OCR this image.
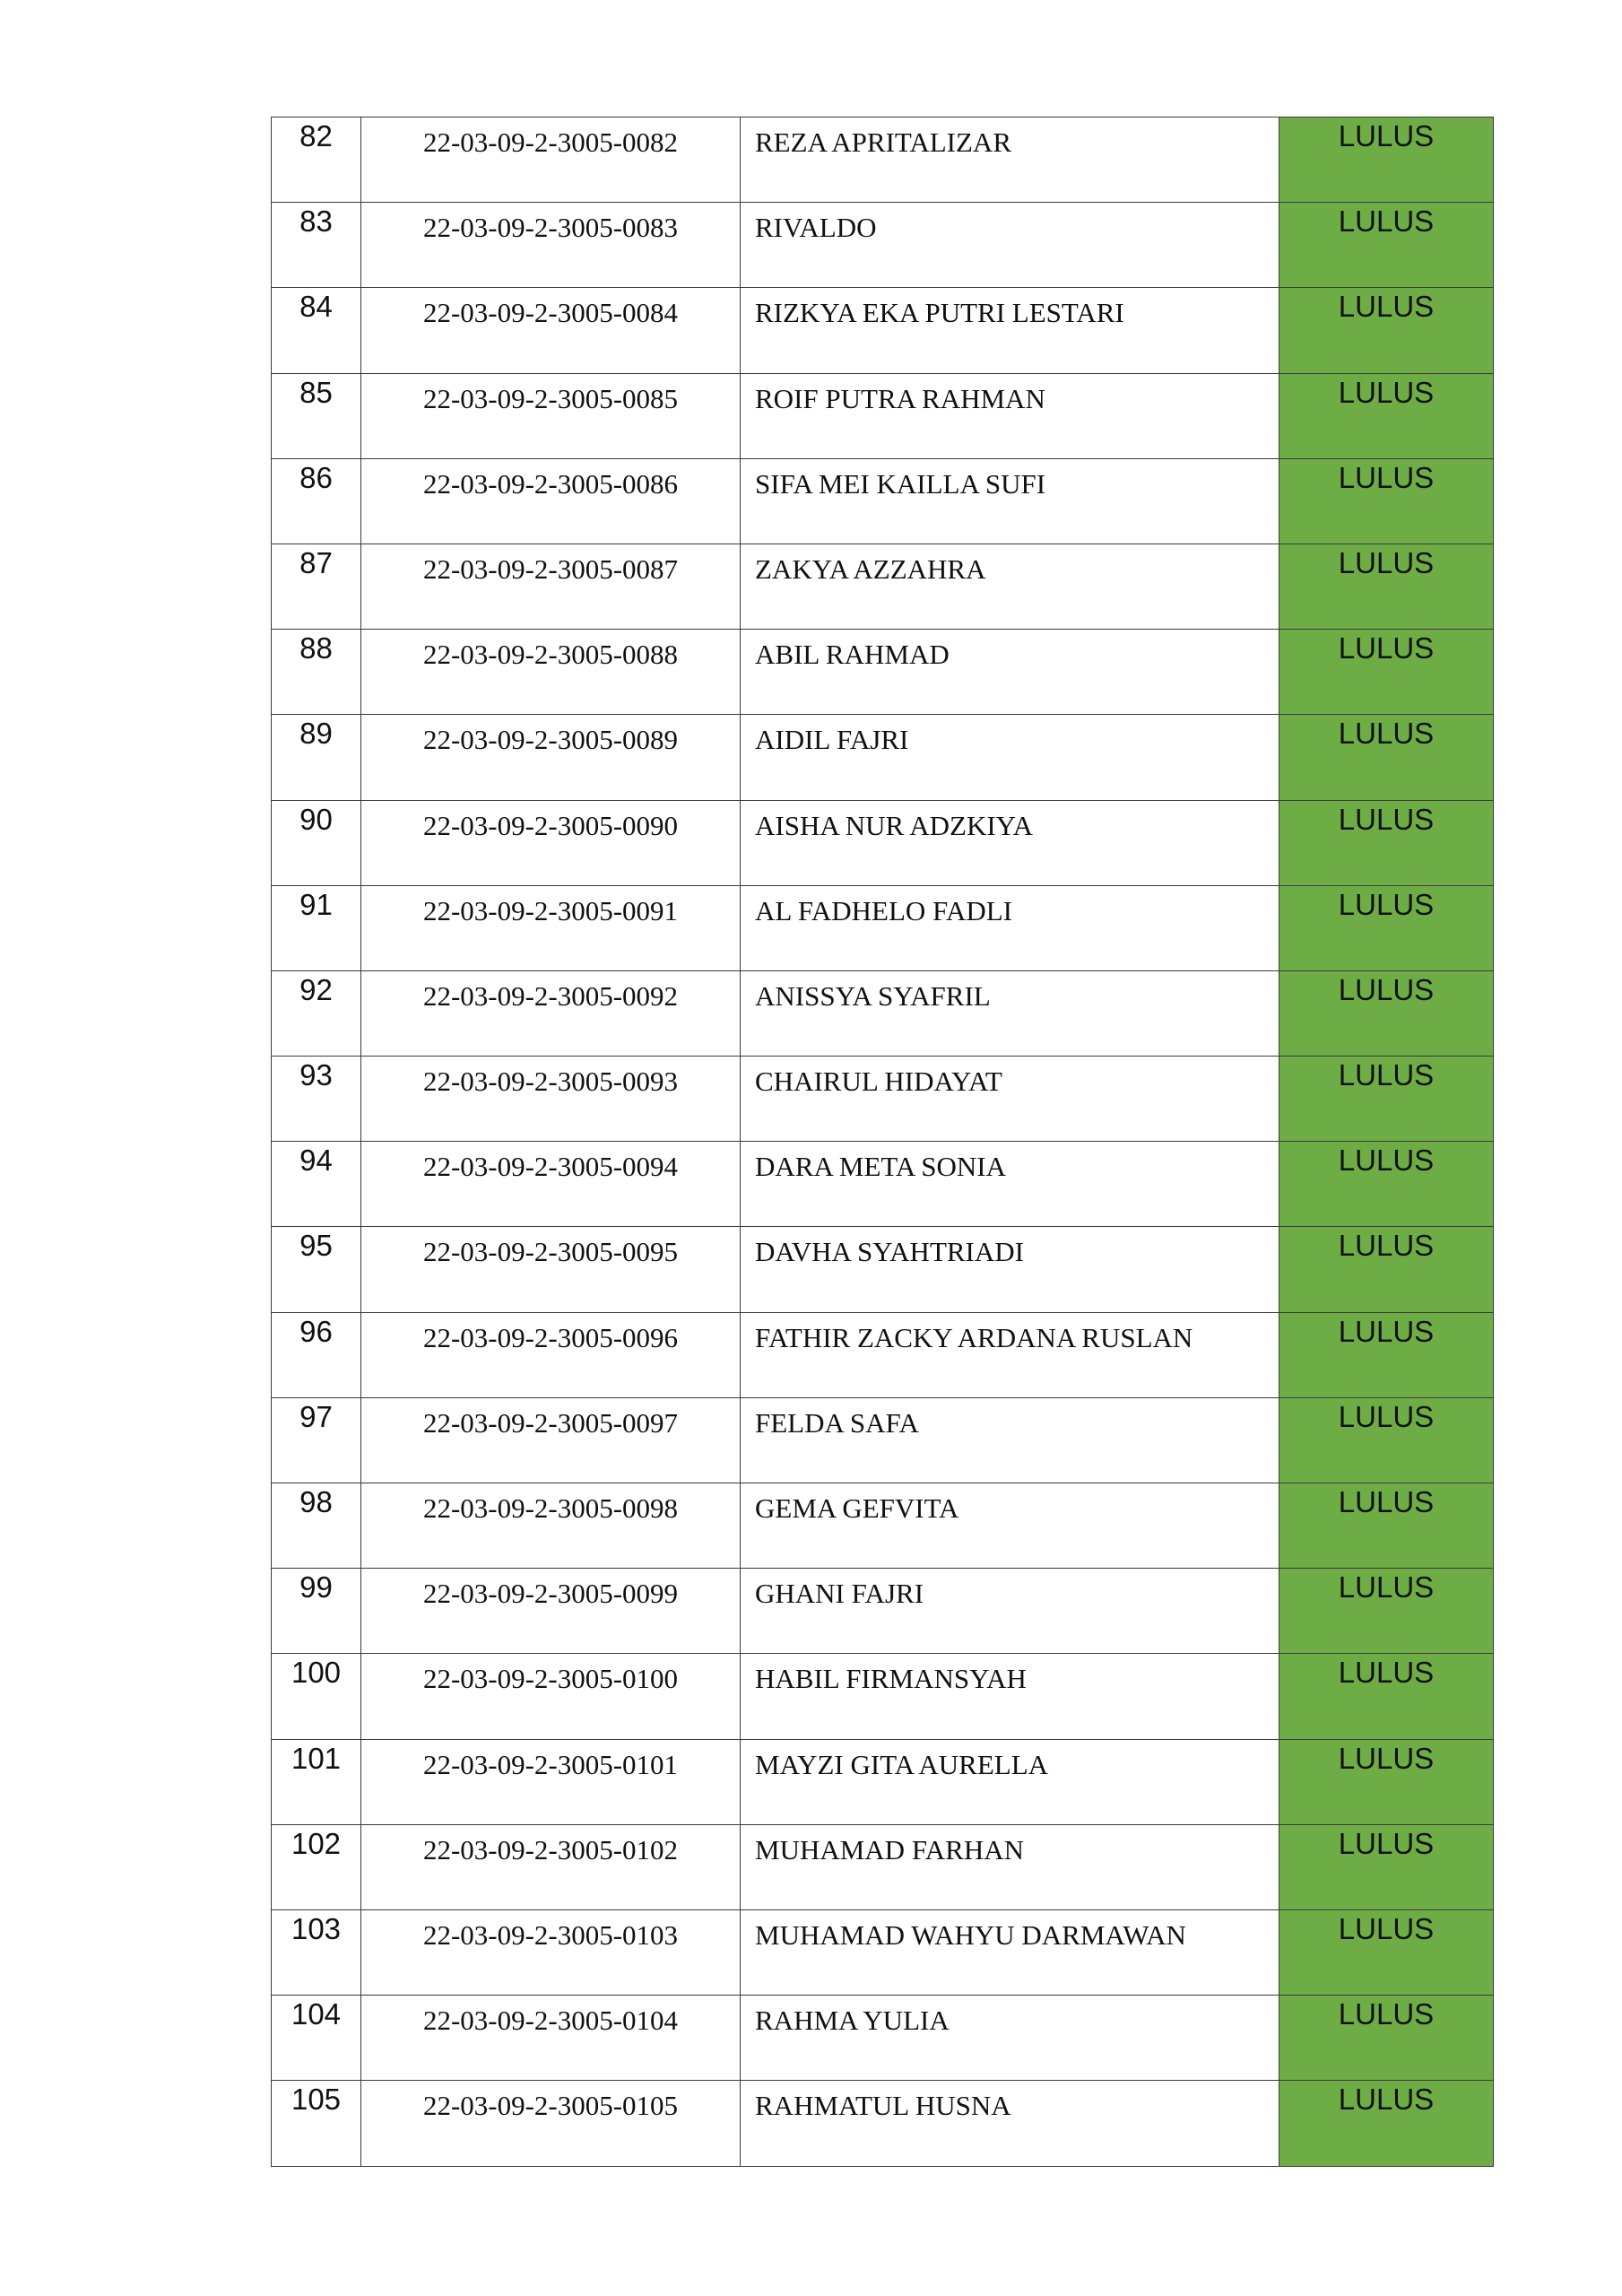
82	22-03-09-2-3005-0082	REZA APRITALIZAR	LULUS

83	22-03-09-2-3005-0083	RIVALDO	LULUS

84	22-03-09-2-3005-0084	RIZKYA EKA PUTRI LESTARI	LULUS

85	22-03-09-2-3005-0085	ROIF PUTRA RAHMAN	LULUS

86	22-03-09-2-3005-0086	SIFA MEI KAILLA SUFI	LULUS

87	22-03-09-2-3005-0087	ZAKYA AZZAHRA	LULUS

88	22-03-09-2-3005-0088	ABIL RAHMAD	LULUS

89	22-03-09-2-3005-0089	AIDIL FAJRI	LULUS

90	22-03-09-2-3005-0090	AISHA NUR ADZKIYA	LULUS

91	22-03-09-2-3005-0091	AL FADHELO FADLI	LULUS

92	22-03-09-2-3005-0092	ANISSYA SYAFRIL	LULUS

93	22-03-09-2-3005-0093	CHAIRUL HIDAYAT	LULUS

94	22-03-09-2-3005-0094	DARA META SONIA	LULUS

95	22-03-09-2-3005-0095	DAVHA SYAHTRIADI	LULUS

96	22-03-09-2-3005-0096	FATHIR ZACKY ARDANA RUSLAN	LULUS

97	22-03-09-2-3005-0097	FELDA SAFA	LULUS

98	22-03-09-2-3005-0098	GEMA GEFVITA	LULUS

99	22-03-09-2-3005-0099	GHANI FAJRI	LULUS

100	22-03-09-2-3005-0100	HABIL FIRMANSYAH	LULUS

101	22-03-09-2-3005-0101	MAYZI GITA AURELLA	LULUS

102	22-03-09-2-3005-0102	MUHAMAD FARHAN	LULUS

103	22-03-09-2-3005-0103	MUHAMAD WAHYU DARMAWAN	LULUS

104	22-03-09-2-3005-0104	RAHMA YULIA	LULUS

105	22-03-09-2-3005-0105	RAHMATUL HUSNA	LULUS
